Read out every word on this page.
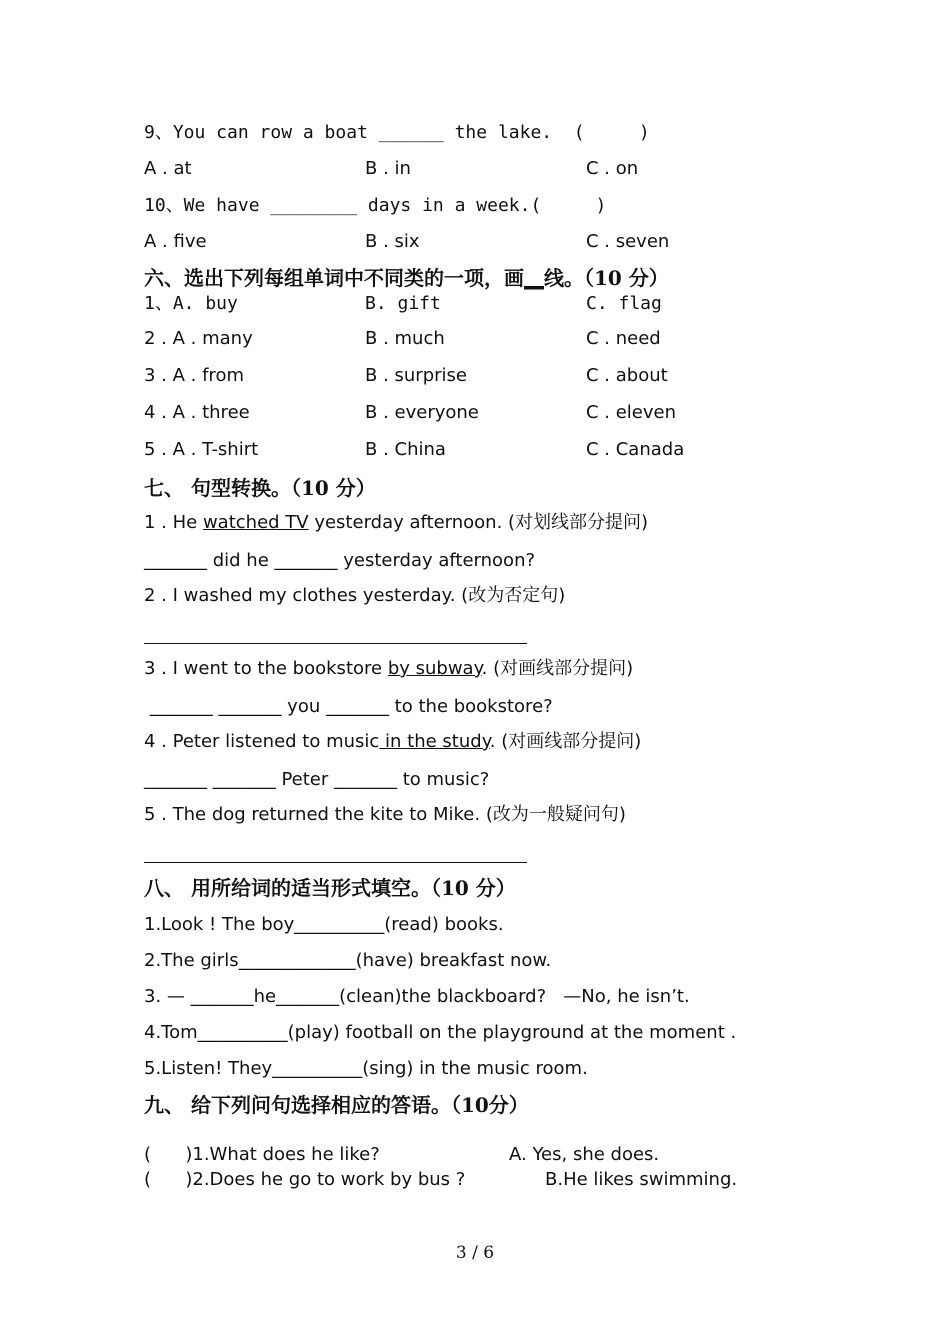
9、You can row a boat ______ the lake.  (     )
A . at	B . in	C . on
10、We have ________ days in a week.(     )
A . five	B . six	C . seven
六、选出下列每组单词中不同类的一项，画__线。（10 分）
1、A. buy	B. gift	C. flag
2 . A . many	B . much	C . need
3 . A . from	B . surprise	C . about
4 . A . three	B . everyone	C . eleven
5 . A . T-shirt	B . China	C . Canada
七、 句型转换。（10 分）
1 . He watched TV yesterday afternoon. (对划线部分提问)
_______ did he _______ yesterday afternoon?
2 . I washed my clothes yesterday. (改为否定句)
3 . I went to the bookstore by subway. (对画线部分提问)
_______ _______ you _______ to the bookstore?
4 . Peter listened to music in the study. (对画线部分提问)
_______ _______ Peter _______ to music?
5 . The dog returned the kite to Mike. (改为一般疑问句)
八、 用所给词的适当形式填空。（10 分）
1.Look ! The boy__________(read) books.
2.The girls_____________(have) breakfast now.
3. — _______he_______(clean)the blackboard?   —No, he isn’t.
4.Tom__________(play) football on the playground at the moment .
5.Listen! They__________(sing) in the music room.
九、 给下列问句选择相应的答语。（10分）
(      )1.What does he like?	A. Yes, she does.
(      )2.Does he go to work by bus ?	B.He likes swimming.
3 / 6
